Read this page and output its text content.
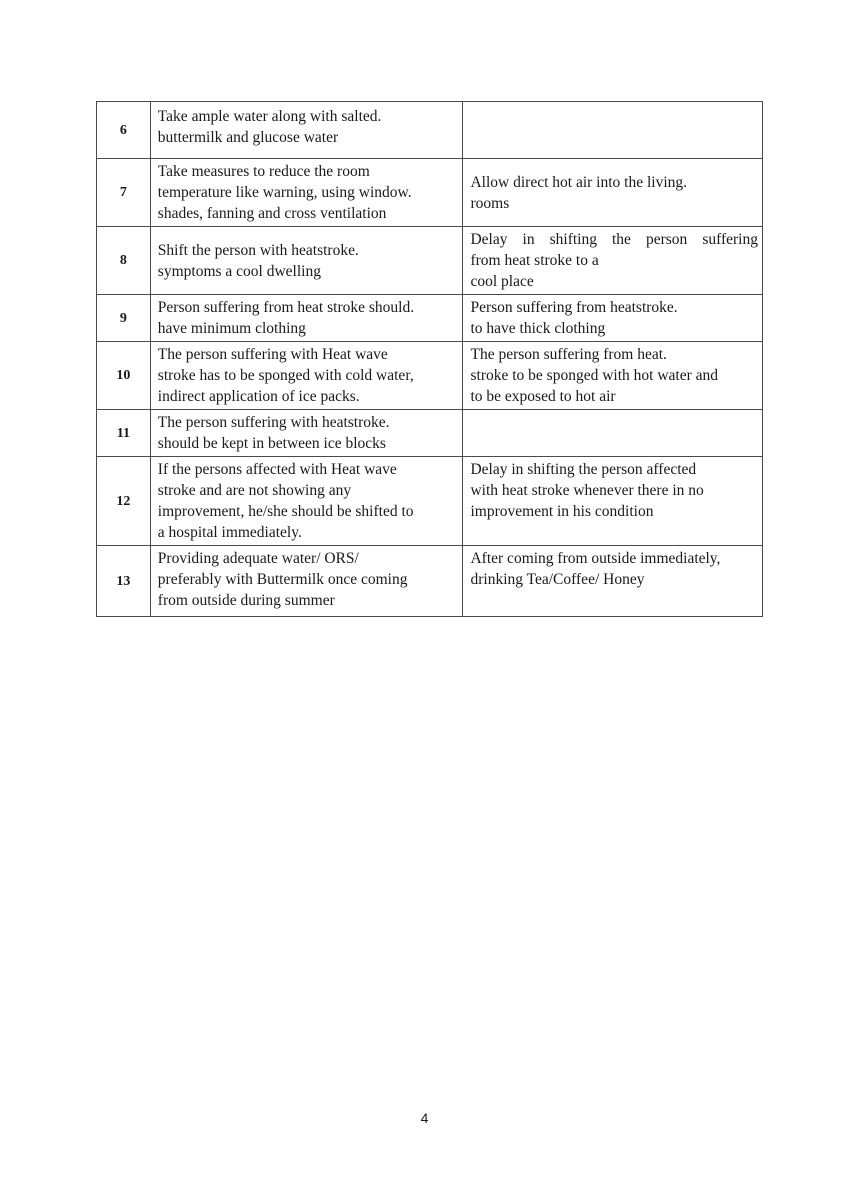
6	Take ample water along with salted.
buttermilk and glucose water	

7	Take measures to reduce the room
temperature like warning, using window.
shades, fanning and cross ventilation	Allow direct hot air into the living.
rooms

8	Shift the person with heatstroke.
symptoms a cool dwelling	Delay in shifting the person suffering
from heat stroke to a
cool place

9	Person suffering from heat stroke should.
have minimum clothing	Person suffering from heatstroke.
to have thick clothing

10	The person suffering with Heat wave
stroke has to be sponged with cold water,
indirect application of ice packs.	The person suffering from heat.
stroke to be sponged with hot water and
to be exposed to hot air

11	The person suffering with heatstroke.
should be kept in between ice blocks	

12	If the persons affected with Heat wave
stroke and are not showing any
improvement, he/she should be shifted to
a hospital immediately.	Delay in shifting the person affected
with heat stroke whenever there in no
improvement in his condition

13	Providing adequate water/ ORS/
preferably with Buttermilk once coming
from outside during summer	After coming from outside immediately,
drinking Tea/Coffee/ Honey
4
